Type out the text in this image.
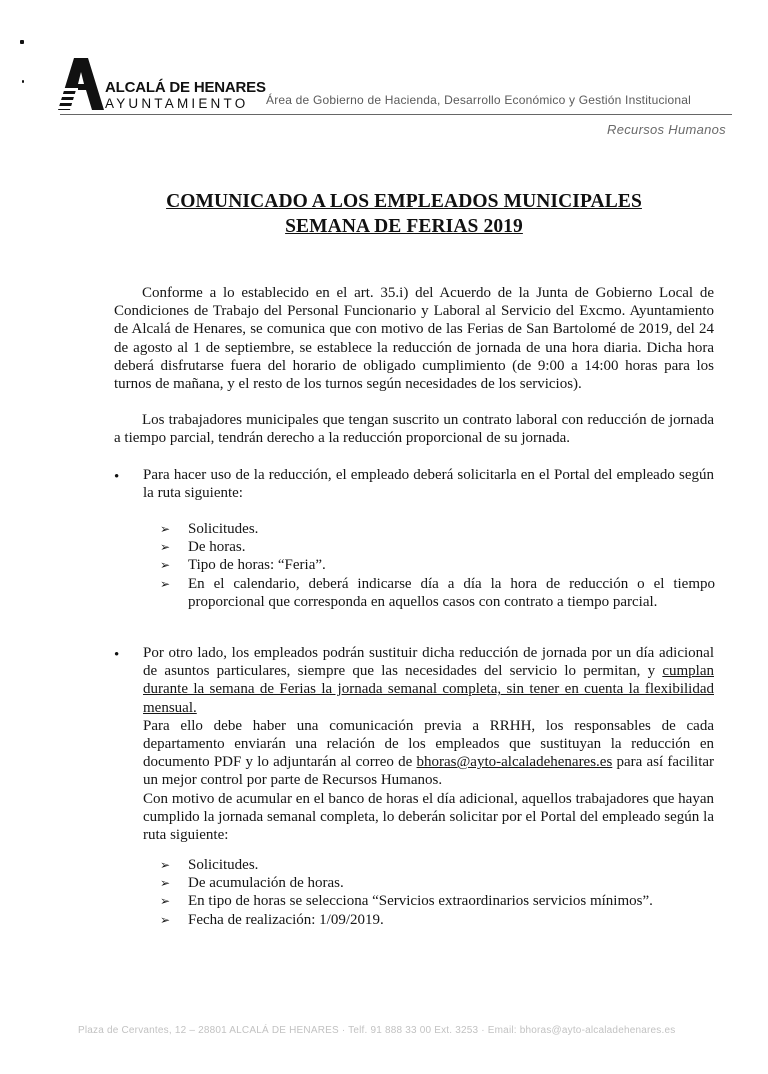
ALCALÁ DE HENARES
AYUNTAMIENTO Área de Gobierno de Hacienda, Desarrollo Económico y Gestión Institucional
Recursos Humanos
COMUNICADO A LOS EMPLEADOS MUNICIPALES
SEMANA DE FERIAS 2019
Conforme a lo establecido en el art. 35.i) del Acuerdo de la Junta de Gobierno Local de Condiciones de Trabajo del Personal Funcionario y Laboral al Servicio del Excmo. Ayuntamiento de Alcalá de Henares, se comunica que con motivo de las Ferias de San Bartolomé de 2019, del 24 de agosto al 1 de septiembre, se establece la reducción de jornada de una hora diaria. Dicha hora deberá disfrutarse fuera del horario de obligado cumplimiento (de 9:00 a 14:00 horas para los turnos de mañana, y el resto de los turnos según necesidades de los servicios).
Los trabajadores municipales que tengan suscrito un contrato laboral con reducción de jornada a tiempo parcial, tendrán derecho a la reducción proporcional de su jornada.
• Para hacer uso de la reducción, el empleado deberá solicitarla en el Portal del empleado según la ruta siguiente:
➢ Solicitudes.
➢ De horas.
➢ Tipo de horas: “Feria”.
➢ En el calendario, deberá indicarse día a día la hora de reducción o el tiempo proporcional que corresponda en aquellos casos con contrato a tiempo parcial.
• Por otro lado, los empleados podrán sustituir dicha reducción de jornada por un día adicional de asuntos particulares, siempre que las necesidades del servicio lo permitan, y cumplan durante la semana de Ferias la jornada semanal completa, sin tener en cuenta la flexibilidad mensual.
Para ello debe haber una comunicación previa a RRHH, los responsables de cada departamento enviarán una relación de los empleados que sustituyan la reducción en documento PDF y lo adjuntarán al correo de bhoras@ayto-alcaladehenares.es para así facilitar un mejor control por parte de Recursos Humanos.
Con motivo de acumular en el banco de horas el día adicional, aquellos trabajadores que hayan cumplido la jornada semanal completa, lo deberán solicitar por el Portal del empleado según la ruta siguiente:
➢ Solicitudes.
➢ De acumulación de horas.
➢ En tipo de horas se selecciona “Servicios extraordinarios servicios mínimos”.
➢ Fecha de realización: 1/09/2019.
Plaza de Cervantes, 12 – 28801 ALCALÁ DE HENARES · Telf. 91 888 33 00 Ext. 3253 · Email: bhoras@ayto-alcaladehenares.es
